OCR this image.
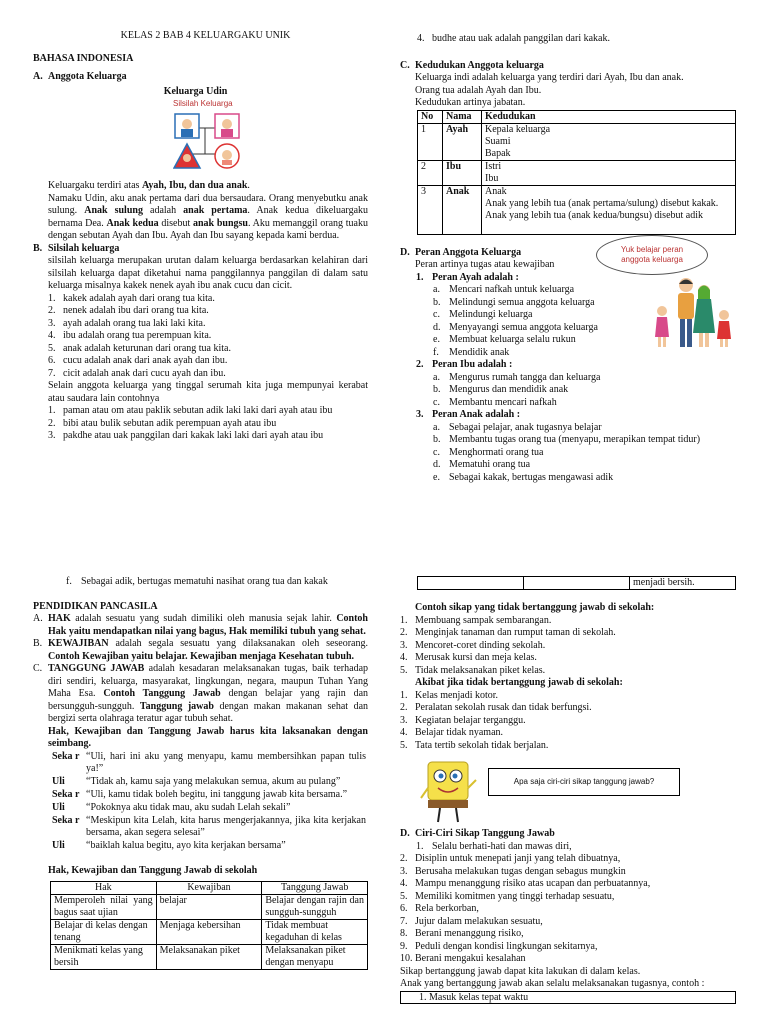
KELAS 2 BAB 4 KELUARGAKU UNIK
BAHASA INDONESIA
A. Anggota Keluarga
Keluarga Udin
Silsilah Keluarga
Keluargaku terdiri atas Ayah, Ibu, dan dua anak.
Namaku Udin, aku anak pertama dari dua bersaudara. Orang menyebutku anak sulung. Anak sulung adalah anak pertama. Anak kedua dikeluargaku bernama Dea. Anak kedua disebut anak bungsu. Aku memanggil orang tuaku dengan sebutan Ayah dan Ibu. Ayah dan Ibu sayang kepada kami berdua.
B. Silsilah keluarga
silsilah keluarga merupakan urutan dalam keluarga berdasarkan kelahiran dari silsilah keluarga dapat diketahui nama panggilannya panggilan di dalam satu keluarga misalnya kakek nenek ayah ibu anak cucu dan cicit.
1. kakek adalah ayah dari orang tua kita.
2. nenek adalah ibu dari orang tua kita.
3. ayah adalah orang tua laki laki kita.
4. ibu adalah orang tua perempuan kita.
5. anak adalah keturunan dari orang tua kita.
6. cucu adalah anak dari anak ayah dan ibu.
7. cicit adalah anak dari cucu ayah dan ibu.
Selain anggota keluarga yang tinggal serumah kita juga mempunyai kerabat atau saudara lain contohnya
1. paman atau om atau paklik sebutan adik laki laki dari ayah atau ibu
2. bibi atau bulik sebutan adik perempuan ayah atau ibu
3. pakdhe atau uak panggilan dari kakak laki laki dari ayah atau ibu
4. budhe atau uak adalah panggilan dari kakak.
C. Kedudukan Anggota keluarga
Keluarga indi adalah keluarga yang terdiri dari Ayah, Ibu dan anak.
Orang tua adalah Ayah dan Ibu.
Kedudukan artinya jabatan.
No	Nama	Kedudukan
1	Ayah	Kepala keluarga
Suami
Bapak

2	Ibu	Istri
Ibu

3	Anak	Anak
Anak yang lebih tua (anak pertama/sulung) disebut kakak.
Anak yang lebih tua (anak kedua/bungsu) disebut adik
D. Peran Anggota Keluarga
Peran artinya tugas atau kewajiban
Yuk belajar peran anggota keluarga
1. Peran Ayah adalah :
a. Mencari nafkah untuk keluarga
b. Melindungi semua anggota keluarga
c. Melindungi keluarga
d. Menyayangi semua anggota keluarga
e. Membuat keluarga selalu rukun
f. Mendidik anak
2. Peran Ibu adalah :
a. Mengurus rumah tangga dan keluarga
b. Mengurus dan mendidik anak
c. Membantu mencari nafkah
3. Peran Anak adalah :
a. Sebagai pelajar, anak tugasnya belajar
b. Membantu tugas orang tua (menyapu, merapikan tempat tidur)
c. Menghormati orang tua
d. Mematuhi orang tua
e. Sebagai kakak, bertugas mengawasi adik
f. Sebagai adik, bertugas mematuhi nasihat orang tua dan kakak
PENDIDIKAN PANCASILA
A. HAK adalah sesuatu yang sudah dimiliki oleh manusia sejak lahir. Contoh Hak yaitu mendapatkan nilai yang bagus, Hak memiliki tubuh yang sehat.
B. KEWAJIBAN adalah segala sesuatu yang dilaksanakan oleh seseorang. Contoh Kewajiban yaitu belajar. Kewajiban menjaga Kesehatan tubuh.
C. TANGGUNG JAWAB adalah kesadaran melaksanakan tugas, baik terhadap diri sendiri, keluarga, masyarakat, lingkungan, negara, maupun Tuhan Yang Maha Esa. Contoh Tanggung Jawab dengan belajar yang rajin dan bersungguh-sungguh. Tanggung jawab dengan makan makanan sehat dan bergizi serta olahraga teratur agar tubuh sehat.
Hak, Kewajiban dan Tanggung Jawab harus kita laksanakan dengan seimbang.
Seka r	“Uli, hari ini aku yang menyapu, kamu membersihkan papan tulis ya!”
Uli	“Tidak ah, kamu saja yang melakukan semua, akum au pulang”
Seka r	“Uli, kamu tidak boleh begitu, ini tanggung jawab kita bersama.”
Uli	“Pokoknya aku tidak mau, aku sudah Lelah sekali”
Seka r	“Meskipun kita Lelah, kita harus mengerjakannya, jika kita kerjakan bersama, akan segera selesai”
Uli	“baiklah kalua begitu, ayo kita kerjakan bersama”
Hak, Kewajiban dan Tanggung Jawab di sekolah
Hak	Kewajiban	Tanggung Jawab
Memperoleh nilai yang bagus saat ujian	belajar	Belajar dengan rajin dan sungguh-sungguh
Belajar di kelas dengan tenang	Menjaga kebersihan	Tidak membuat kegaduhan di kelas
Menikmati kelas yang bersih	Melaksanakan piket	Melaksanakan piket dengan menyapu
		menjadi bersih.
Contoh sikap yang tidak bertanggung jawab di sekolah:
1. Membuang sampak sembarangan.
2. Menginjak tanaman dan rumput taman di sekolah.
3. Mencoret-coret dinding sekolah.
4. Merusak kursi dan meja kelas.
5. Tidak melaksanakan piket kelas.
Akibat jika tidak bertanggung jawab di sekolah:
1. Kelas menjadi kotor.
2. Peralatan sekolah rusak dan tidak berfungsi.
3. Kegiatan belajar terganggu.
4. Belajar tidak nyaman.
5. Tata tertib sekolah tidak berjalan.
Apa saja ciri-ciri sikap tanggung jawab?
D. Ciri-Ciri Sikap Tanggung Jawab
1. Selalu berhati-hati dan mawas diri,
2. Disiplin untuk menepati janji yang telah dibuatnya,
3. Berusaha melakukan tugas dengan sebagus mungkin
4. Mampu menanggung risiko atas ucapan dan perbuatannya,
5. Memiliki komitmen yang tinggi terhadap sesuatu,
6. Rela berkorban,
7. Jujur dalam melakukan sesuatu,
8. Berani menanggung risiko,
9. Peduli dengan kondisi lingkungan sekitarnya,
10. Berani mengakui kesalahan
Sikap bertanggung jawab dapat kita lakukan di dalam kelas.
Anak yang bertanggung jawab akan selalu melaksanakan tugasnya, contoh :
1. Masuk kelas tepat waktu
